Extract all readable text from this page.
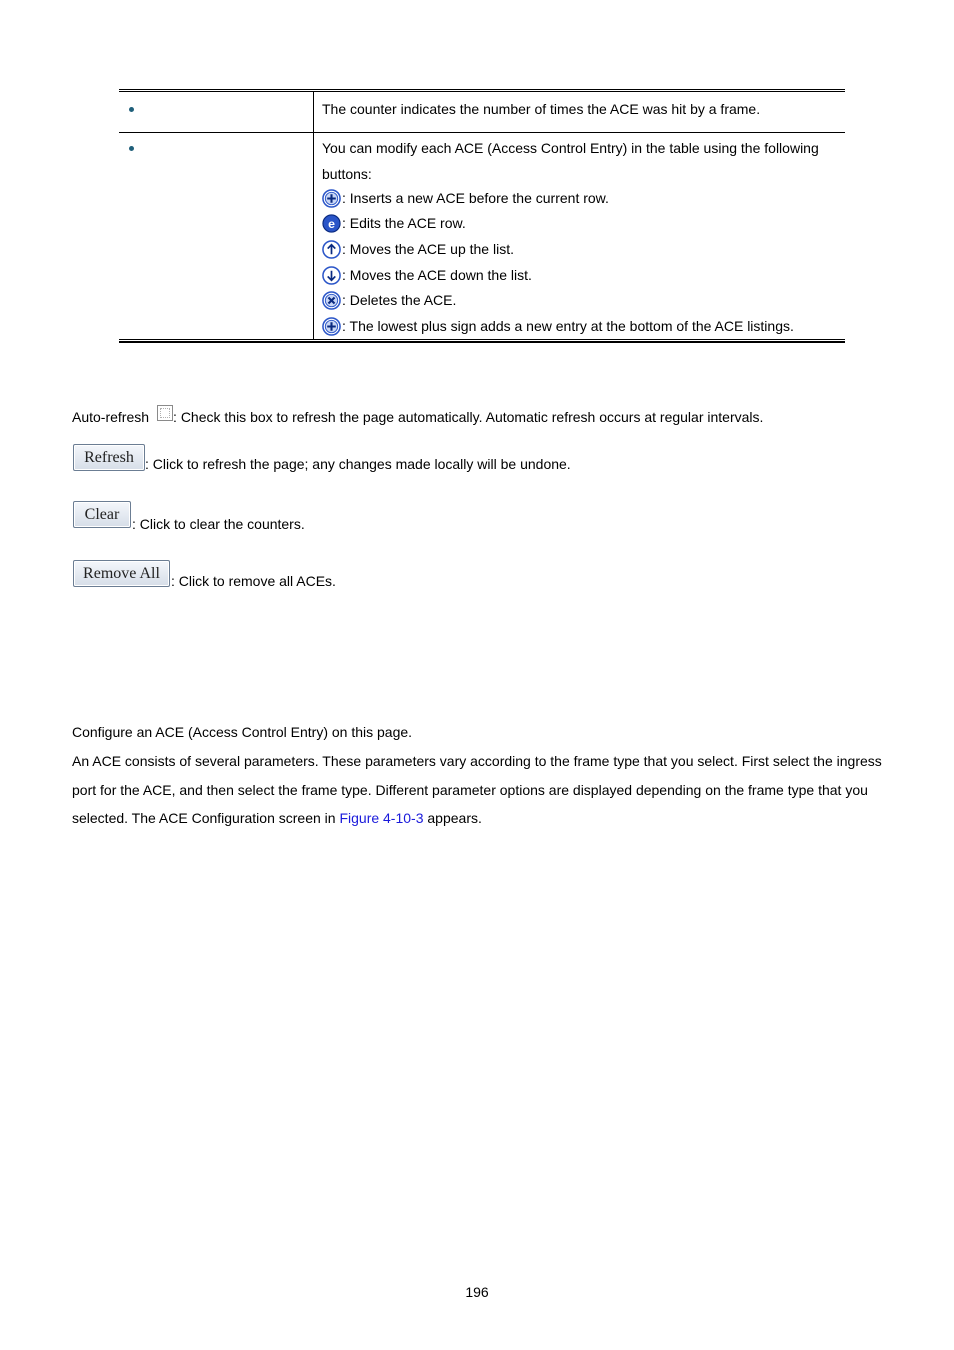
The counter indicates the number of times the ACE was hit by a frame.
You can modify each ACE (Access Control Entry) in the table using the following buttons:
: Inserts a new ACE before the current row.
e : Edits the ACE row.
: Moves the ACE up the list.
: Moves the ACE down the list.
: Deletes the ACE.
: The lowest plus sign adds a new entry at the bottom of the ACE listings.
Auto-refresh : Check this box to refresh the page automatically. Automatic refresh occurs at regular intervals.
Refresh : Click to refresh the page; any changes made locally will be undone.
Clear
: Click to clear the counters.
Remove All : Click to remove all ACEs.
Configure an ACE (Access Control Entry) on this page.
An ACE consists of several parameters. These parameters vary according to the frame type that you select. First select the ingress port for the ACE, and then select the frame type. Different parameter options are displayed depending on the frame type that you selected. The ACE Configuration screen in Figure 4-10-3 appears.
196
